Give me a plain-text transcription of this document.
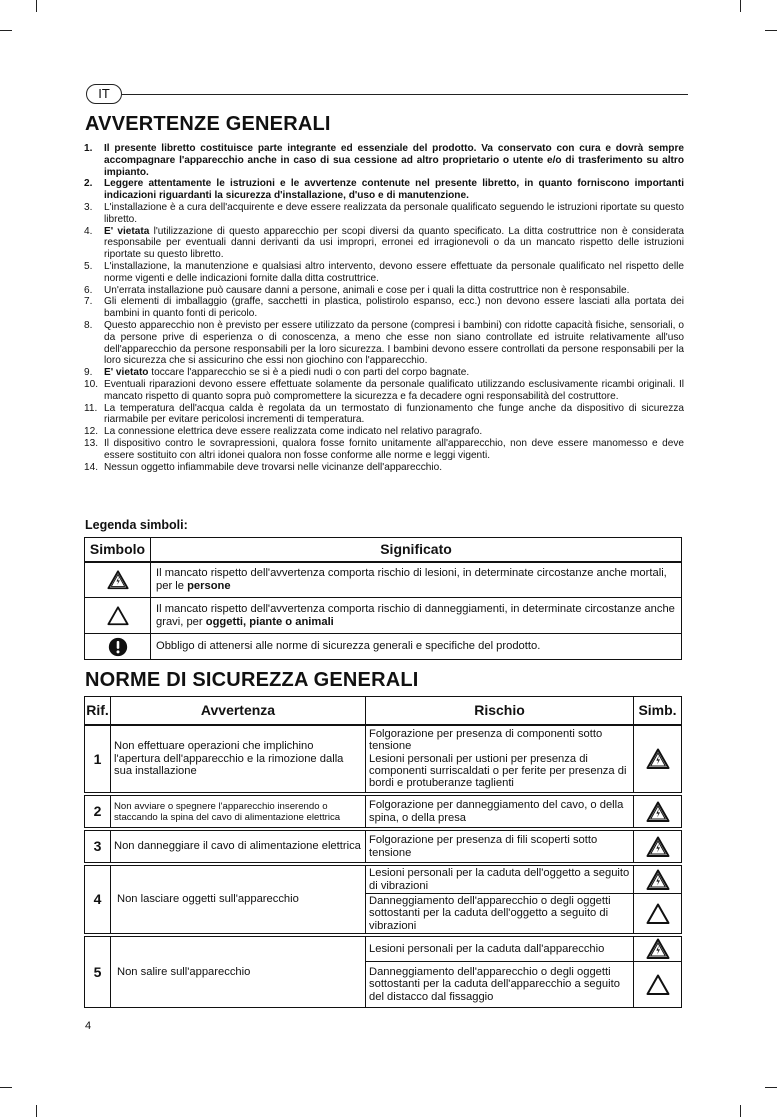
IT
AVVERTENZE GENERALI
1. Il presente libretto costituisce parte integrante ed essenziale del prodotto. Va conservato con cura e dovrà sempre accompagnare l'apparecchio anche in caso di sua cessione ad altro proprietario o utente e/o di trasferimento su altro impianto.
2. Leggere attentamente le istruzioni e le avvertenze contenute nel presente libretto, in quanto forniscono importanti indicazioni riguardanti la sicurezza d'installazione, d'uso e di manutenzione.
3. L'installazione è a cura dell'acquirente e deve essere realizzata da personale qualificato seguendo le istruzioni riportate su questo libretto.
4. E' vietata l'utilizzazione di questo apparecchio per scopi diversi da quanto specificato. La ditta costruttrice non è considerata responsabile per eventuali danni derivanti da usi impropri, erronei ed irragionevoli o da un mancato rispetto delle istruzioni riportate su questo libretto.
5. L'installazione, la manutenzione e qualsiasi altro intervento, devono essere effettuate da personale qualificato nel rispetto delle norme vigenti e delle indicazioni fornite dalla ditta costruttrice.
6. Un'errata installazione può causare danni a persone, animali e cose per i quali la ditta costruttrice non è responsabile.
7. Gli elementi di imballaggio (graffe, sacchetti in plastica, polistirolo espanso, ecc.) non devono essere lasciati alla portata dei bambini in quanto fonti di pericolo.
8. Questo apparecchio non è previsto per essere utilizzato da persone (compresi i bambini) con ridotte capacità fisiche, sensoriali, o da persone prive di esperienza o di conoscenza, a meno che esse non siano controllate ed istruite relativamente all'uso dell'apparecchio da persone responsabili per la loro sicurezza. I bambini devono essere controllati da persone responsabili per la loro sicurezza che si assicurino che essi non giochino con l'apparecchio.
9. E' vietato toccare l'apparecchio se si è a piedi nudi o con parti del corpo bagnate.
10. Eventuali riparazioni devono essere effettuate solamente da personale qualificato utilizzando esclusivamente ricambi originali. Il mancato rispetto di quanto sopra può compromettere la sicurezza e fa decadere ogni responsabilità del costruttore.
11. La temperatura dell'acqua calda è regolata da un termostato di funzionamento che funge anche da dispositivo di sicurezza riarmabile per evitare pericolosi incrementi di temperatura.
12. La connessione elettrica deve essere realizzata come indicato nel relativo paragrafo.
13. Il dispositivo contro le sovrapressioni, qualora fosse fornito unitamente all'apparecchio, non deve essere manomesso e deve essere sostituito con altri idonei qualora non fosse conforme alle norme e leggi vigenti.
14. Nessun oggetto infiammabile deve trovarsi nelle vicinanze dell'apparecchio.
Legenda simboli:
Simbolo	Significato
	Il mancato rispetto dell'avvertenza comporta rischio di lesioni, in determinate circostanze anche mortali, per le persone
	Il mancato rispetto dell'avvertenza comporta rischio di danneggiamenti, in determinate circostanze anche gravi, per oggetti, piante o animali
	Obbligo di attenersi alle norme di sicurezza generali e specifiche del prodotto.
NORME DI SICUREZZA GENERALI
Rif.	Avvertenza	Rischio	Simb.
1	Non effettuare operazioni che implichino l'apertura dell'apparecchio e la rimozione dalla sua installazione	Folgorazione per presenza di componenti sotto tensione
Lesioni personali per ustioni per presenza di componenti surriscaldati o per ferite per presenza di bordi e protuberanze taglienti	

2	Non avviare o spegnere l'apparecchio inserendo o staccando la spina del cavo di alimentazione elettrica	Folgorazione per danneggiamento del cavo, o della spina, o della presa	

3	Non danneggiare il cavo di alimentazione elettrica	Folgorazione per presenza di fili scoperti sotto tensione	

4	Non lasciare oggetti sull'apparecchio	Lesioni personali per la caduta dell'oggetto a seguito di vibrazioni	
		Danneggiamento dell'apparecchio o degli oggetti sottostanti per la caduta dell'oggetto a seguito di vibrazioni	

5	Non salire sull'apparecchio	Lesioni personali per la caduta dall'apparecchio	
		Danneggiamento dell'apparecchio o degli oggetti sottostanti per la caduta dell'apparecchio a seguito del distacco dal fissaggio	
4
